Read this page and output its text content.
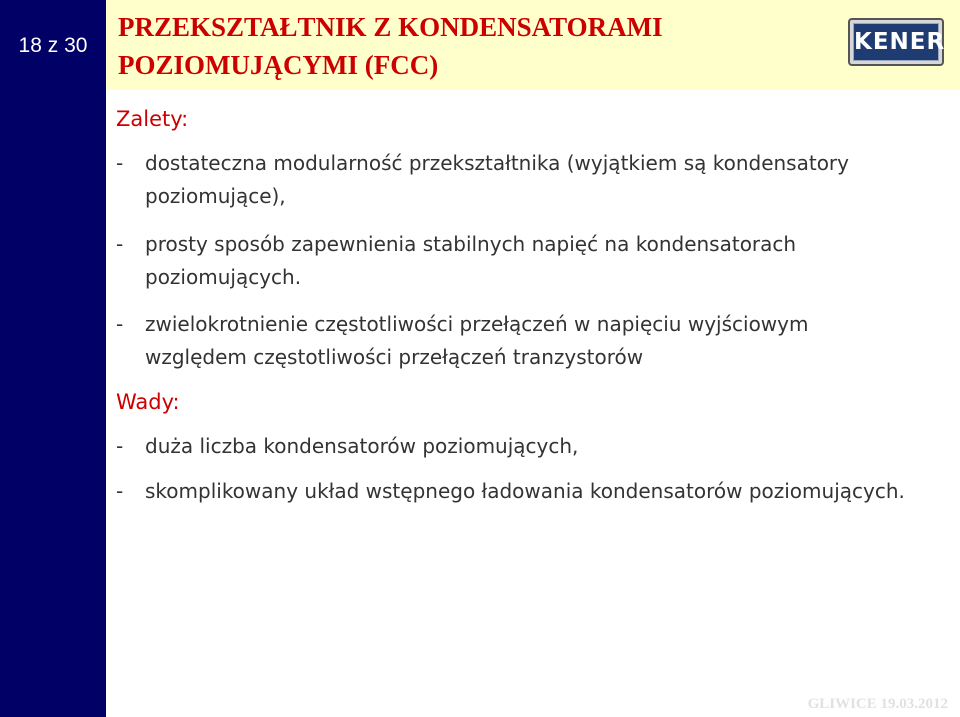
18 z 30
PRZEKSZTAŁTNIK Z KONDENSATORAMI
POZIOMUJĄCYMI (FCC)
KENER

Zalety:

- dostateczna modularność przekształtnika (wyjątkiem są kondensatory poziomujące),
- prosty sposób zapewnienia stabilnych napięć na kondensatorach poziomujących.
- zwielokrotnienie częstotliwości przełączeń w napięciu wyjściowym względem częstotliwości przełączeń tranzystorów

Wady:

- duża liczba kondensatorów poziomujących,
- skomplikowany układ wstępnego ładowania kondensatorów poziomujących.
GLIWICE 19.03.2012
